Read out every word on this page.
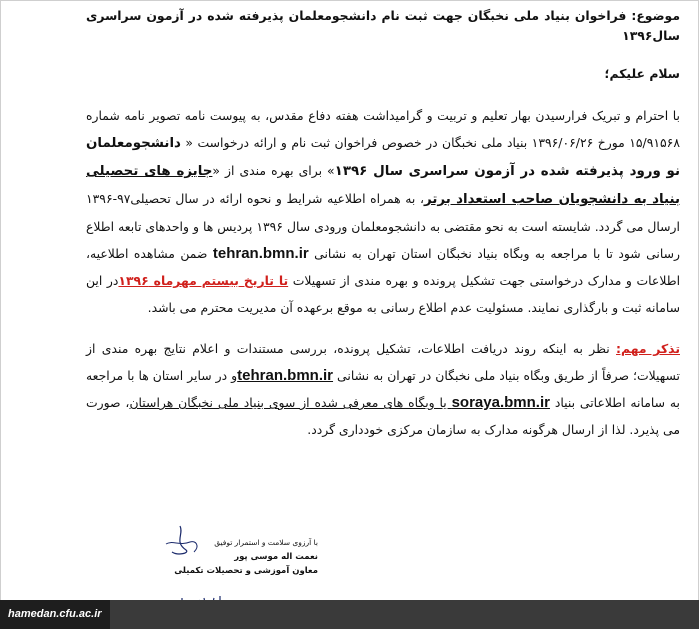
موضوع: فراخوان بنیاد ملی نخبگان جهت ثبت نام دانشجومعلمان پذیرفته شده در آزمون سراسری سال۱۳۹۶
سلام علیکم؛

با احترام و تبریک فرارسیدن بهار تعلیم و تربیت و گرامیداشت هفته دفاع مقدس، به پیوست نامه تصویر نامه شماره ۱۵/۹۱۵۶۸ مورخ ۱۳۹۶/۰۶/۲۶ بنیاد ملی نخبگان در خصوص فراخوان ثبت نام و ارائه درخواست « دانشجومعلمان نو ورود پذیرفته شده در آزمون سراسری سال ۱۳۹۶» برای بهره مندی از «جایزه های تحصیلی بنیاد به دانشجویان صاحب استعداد برتر، به همراه اطلاعیه شرایط و نحوه ارائه در سال تحصیلی۹۷-۱۳۹۶ ارسال می گردد. شایسته است به نحو مقتضی به دانشجومعلمان ورودی سال ۱۳۹۶ پردیس ها و واحدهای تابعه اطلاع رسانی شود تا با مراجعه به وبگاه بنیاد نخبگان استان تهران به نشانی tehran.bmn.ir ضمن مشاهده اطلاعیه، اطلاعات و مدارک درخواستی جهت تشکیل پرونده و بهره مندی از تسهیلات تا تاریخ بیستم مهرماه ۱۳۹۶در این سامانه ثبت و بارگذاری نمایند. مسئولیت عدم اطلاع رسانی به موقع برعهده آن مدیریت محترم می باشد.

تذکر مهم: نظر به اینکه روند دریافت اطلاعات، تشکیل پرونده، بررسی مستندات و اعلام نتایج بهره مندی از تسهیلات؛ صرفاً از طریق وبگاه بنیاد ملی نخبگان در تهران به نشانی tehran.bmn.irو در سایر استان ها با مراجعه به سامانه اطلاعاتی بنیاد soraya.bmn.ir یا وبگاه های معرفی شده از سوی بنیاد ملی نخبگان هراستان، صورت می پذیرد. لذا از ارسال هرگونه مدارک به سازمان مرکزی خودداری گردد.
با آرزوی سلامت و استمرار توفیق
نعمت اله موسی پور
معاون آموزشی و تحصیلات تکمیلی
hamedan.cfu.ac.ir
